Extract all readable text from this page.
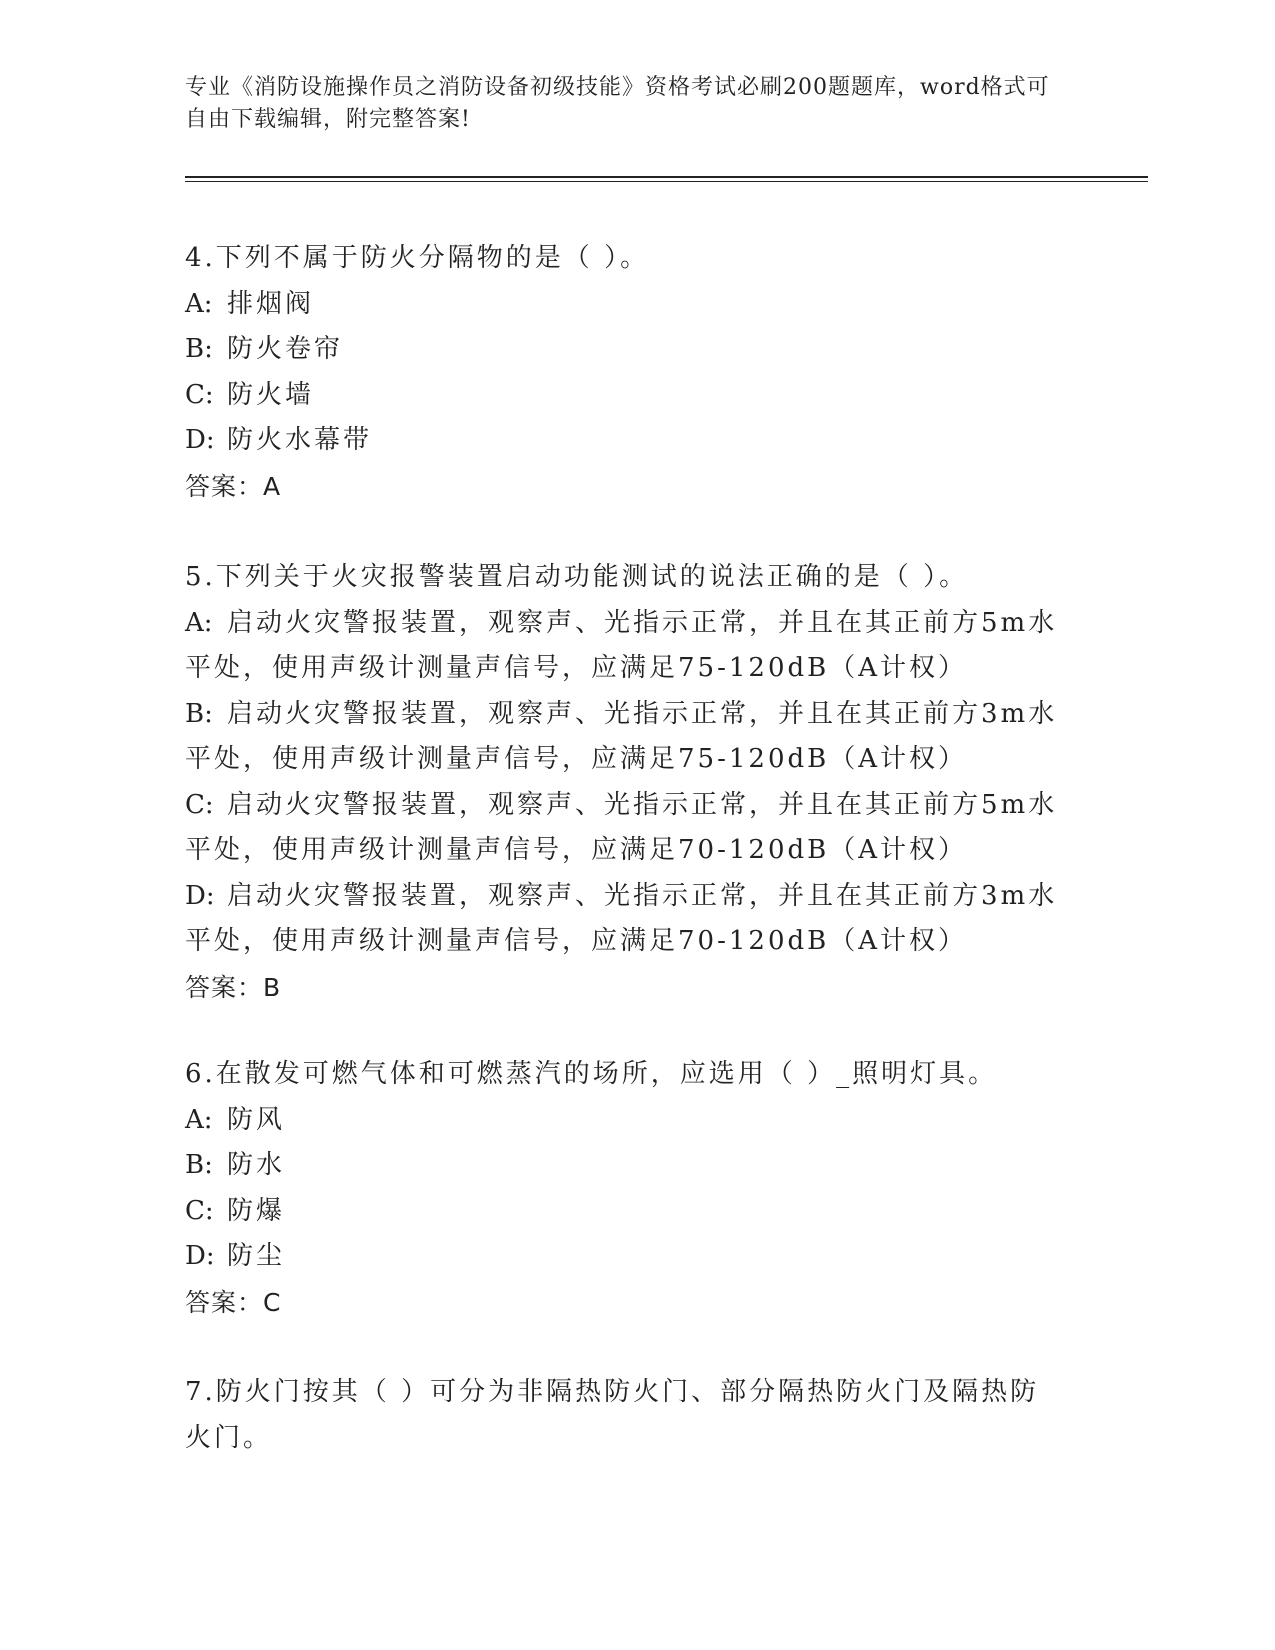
专业《消防设施操作员之消防设备初级技能》资格考试必刷200题题库，word格式可自由下载编辑，附完整答案!

4.下列不属于防火分隔物的是（ ）。

A: 排烟阀

B: 防火卷帘

C: 防火墙

D: 防火水幕带

答案：A

5.下列关于火灾报警装置启动功能测试的说法正确的是（ ）。

A: 启动火灾警报装置，观察声、光指示正常，并且在其正前方5m水平处，使用声级计测量声信号，应满足75-120dB（A计权）

B: 启动火灾警报装置，观察声、光指示正常，并且在其正前方3m水平处，使用声级计测量声信号，应满足75-120dB（A计权）

C: 启动火灾警报装置，观察声、光指示正常，并且在其正前方5m水平处，使用声级计测量声信号，应满足70-120dB（A计权）

D: 启动火灾警报装置，观察声、光指示正常，并且在其正前方3m水平处，使用声级计测量声信号，应满足70-120dB（A计权）

答案：B

6.在散发可燃气体和可燃蒸汽的场所，应选用（ ）_照明灯具。

A: 防风

B: 防水

C: 防爆

D: 防尘

答案：C

7.防火门按其（ ）可分为非隔热防火门、部分隔热防火门及隔热防火门。
